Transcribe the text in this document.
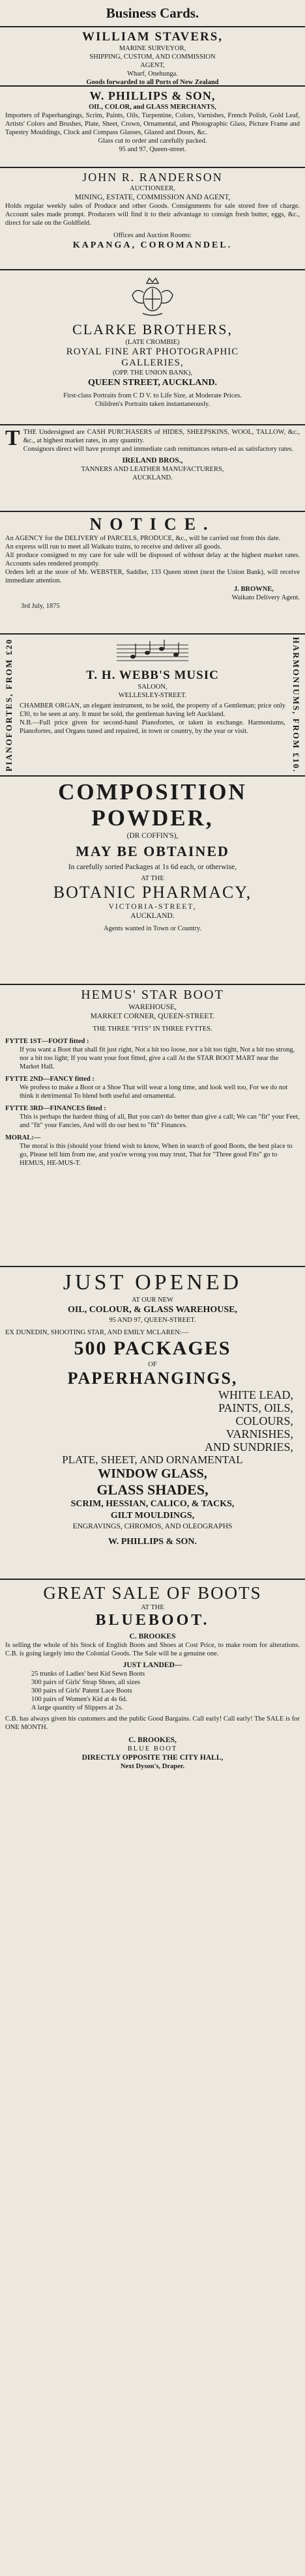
Business Cards.
WILLIAM STAVERS,
MARINE SURVEYOR,
SHIPPING, CUSTOM, AND COMMISSION
AGENT,
Wharf, Onehunga.
Goods forwarded to all Ports of New Zealand
W. PHILLIPS & SON,
OIL, COLOR, and GLASS MERCHANTS,

Importers of Paperhangings, Scrim, Paints, Oils, Turpentine, Colors, Varnishes, French Polish, Gold Leaf, Artists' Colors and Brushes, Plate, Sheet, Crown, Ornamental, and Photographic Glass, Picture Frame and Tapestry Mouldings, Clock and Compass Glasses, Glazed and Doors, &c.

Glass cut to order and carefully packed.

95 and 97, Queen-street.

JOHN R. RANDERSON
AUCTIONEER,
MINING, ESTATE, COMMISSION AND AGENT,

Holds regular weekly sales of Produce and other Goods. Consignments for sale stored free of charge. Account sales made prompt. Producers will find it to their advantage to consign fresh butter, eggs, &c., direct for sale on the Goldfield.

Offices and Auction Rooms:
KAPANGA, COROMANDEL.
CLARKE BROTHERS,
(LATE CROMBIE)
ROYAL FINE ART PHOTOGRAPHIC
GALLERIES,
(OPP. THE UNION BANK),
QUEEN STREET, AUCKLAND.
First-class Portraits from C D V. to Life Size, at Moderate Prices.
Children's Portraits taken instantaneously.

TTHE Undersigned are CASH PURCHASERS of HIDES, SHEEPSKINS, WOOL, TALLOW, &c., &c., at highest market rates, in any quantity.

Consignors direct will have prompt and immediate cash remittances return-ed as satisfactory rates.

IRELAND BROS.,
TANNERS AND LEATHER MANUFACTURERS,
AUCKLAND.
NOTICE.

An AGENCY for the DELIVERY of PARCELS, PRODUCE, &c., will be carried out from this date.

An express will run to meet all Waikato trains, to receive and deliver all goods.

All produce consigned to my care for sale will be disposed of without delay at the highest market rates. Accounts sales rendered promptly.

Orders left at the store of Mr. WEBSTER, Saddler, 133 Queen street (next the Union Bank), will receive immediate attention.

J. BROWNE,
Waikato Delivery Agent.
3rd July, 1875
PIANOFORTES, FROM £20	HARMONIUMS, FROM £10.
T. H. WEBB'S MUSIC
SALOON,
WELLESLEY-STREET.

CHAMBER ORGAN, an elegant instrument, to be sold, the property of a Gentleman; price only £30, to be seen at any. It must be sold, the gentleman having left Auckland.

N.B.—Full price given for second-hand Pianofortes, or taken in exchange. Harmoniums, Pianofortes, and Organs tuned and repaired, in town or country, by the year or visit.

COMPOSITION
POWDER,
(DR COFFIN'S),
MAY BE OBTAINED

In carefully sorted Packages at 1s 6d each, or otherwise,

AT THE
BOTANIC PHARMACY,
VICTORIA-STREET,
AUCKLAND.
Agents wanted in Town or Country.
HEMUS' STAR BOOT
WAREHOUSE,
MARKET CORNER, QUEEN-STREET.
THE THREE "FITS" IN THREE FYTTES.
FYTTE 1ST—FOOT fitted :

If you want a Boot that shall fit just right, Not a bit too loose, nor a bit too tight, Not a bit too strong, nor a bit too light; If you want your foot fitted, give a call At the STAR BOOT MART near the Market Hall.

FYTTE 2ND—FANCY fitted :

We profess to make a Boot or a Shoe That will wear a long time, and look well too, For we do not think it detrimental To blend both useful and ornamental.

FYTTE 3RD—FINANCES fitted :

This is perhaps the hardest thing of all, But you can't do better than give a call; We can "fit" your Feet, and "fit" your Fancies, And will do our best to "fit" Finances.

MORAL:—

The moral is this (should your friend wish to know, When in search of good Boots, the best place to go, Please tell him from me, and you're wrong you may trust, That for "Three good Fits" go to HEMUS, HE-MUS-T.

JUST OPENED
AT OUR NEW
OIL, COLOUR, & GLASS WAREHOUSE,
95 AND 97, QUEEN-STREET.
EX DUNEDIN, SHOOTING STAR, AND EMILY MCLAREN:—
500 PACKAGES
OF
PAPERHANGINGS,
WHITE LEAD,
PAINTS, OILS,
COLOURS,
VARNISHES,
AND SUNDRIES,
PLATE, SHEET, AND ORNAMENTAL
WINDOW GLASS,
GLASS SHADES,
SCRIM, HESSIAN, CALICO, & TACKS,
GILT MOULDINGS,
ENGRAVINGS, CHROMOS, AND OLEOGRAPHS
W. PHILLIPS & SON.
GREAT SALE OF BOOTS
AT THE
BLUEBOOT.
C. BROOKES

Is selling the whole of his Stock of English Boots and Shoes at Cost Price, to make room for alterations. C.B. is going largely into the Colonial Goods. The Sale will be a genuine one.

JUST LANDED—
25 trunks of Ladies' best Kid Sewn Boots
300 pairs of Girls' Strap Shoes, all sizes
300 pairs of Girls' Patent Lace Boots
100 pairs of Women's Kid at 4s 6d.
A large quantity of Slippers at 2s.

C.B. has always given his customers and the public Good Bargains. Call early! Call early! The SALE is for ONE MONTH.

C. BROOKES,
BLUE BOOT
DIRECTLY OPPOSITE THE CITY HALL,
Next Dyson's, Draper.
